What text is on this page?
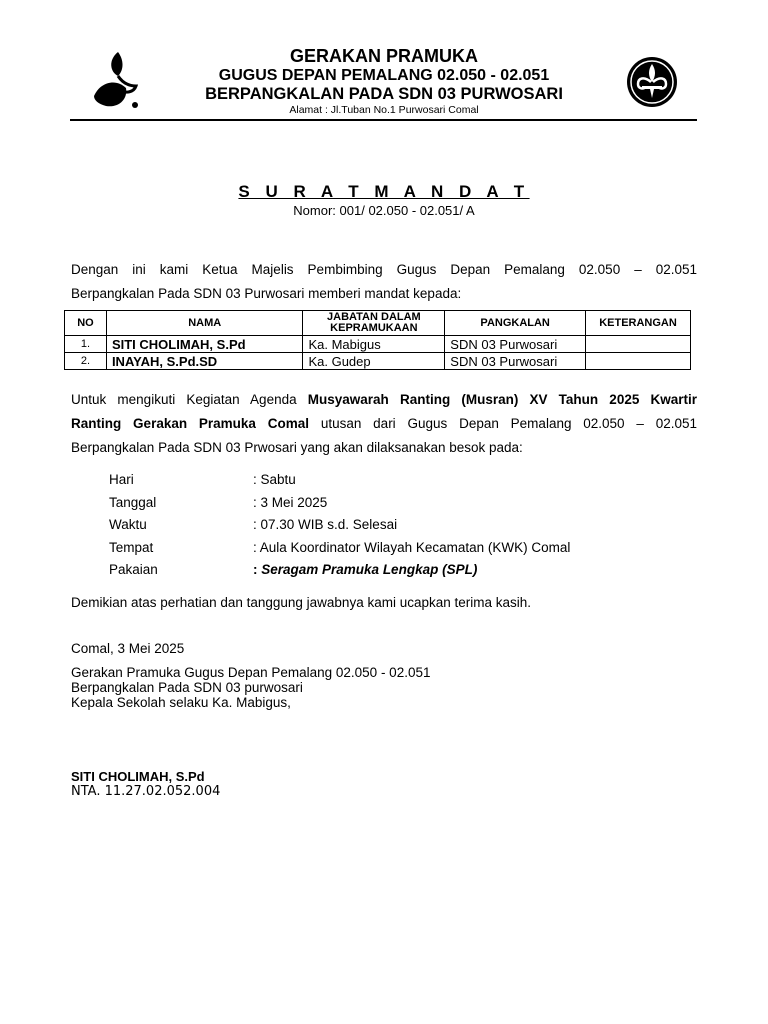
GERAKAN PRAMUKA
GUGUS DEPAN PEMALANG 02.050 - 02.051
BERPANGKALAN PADA SDN 03 PURWOSARI
Alamat : Jl.Tuban No.1 Purwosari Comal
S U R A T M A N D A T
Nomor: 001/ 02.050 - 02.051/ A
Dengan ini kami Ketua Majelis Pembimbing Gugus Depan Pemalang 02.050 – 02.051
Berpangkalan Pada SDN 03 Purwosari memberi mandat kepada:
NO	NAMA	JABATAN DALAM KEPRAMUKAAN	PANGKALAN	KETERANGAN
1.	SITI CHOLIMAH, S.Pd	Ka. Mabigus	SDN 03 Purwosari	
2.	INAYAH, S.Pd.SD	Ka. Gudep	SDN 03 Purwosari	
Untuk mengikuti Kegiatan Agenda Musyawarah Ranting (Musran) XV Tahun 2025 Kwartir
Ranting Gerakan Pramuka Comal utusan dari Gugus Depan Pemalang 02.050 – 02.051
Berpangkalan Pada SDN 03 Prwosari yang akan dilaksanakan besok pada:
Hari	: Sabtu
Tanggal	: 3 Mei 2025
Waktu	: 07.30 WIB s.d. Selesai
Tempat	: Aula Koordinator Wilayah Kecamatan (KWK) Comal
Pakaian	: Seragam Pramuka Lengkap (SPL)
Demikian atas perhatian dan tanggung jawabnya kami ucapkan terima kasih.
Comal, 3 Mei 2025
Gerakan Pramuka Gugus Depan Pemalang 02.050 - 02.051
Berpangkalan Pada SDN 03 purwosari
Kepala Sekolah selaku Ka. Mabigus,
SITI CHOLIMAH, S.Pd
NTA. 11.27.02.052.004
